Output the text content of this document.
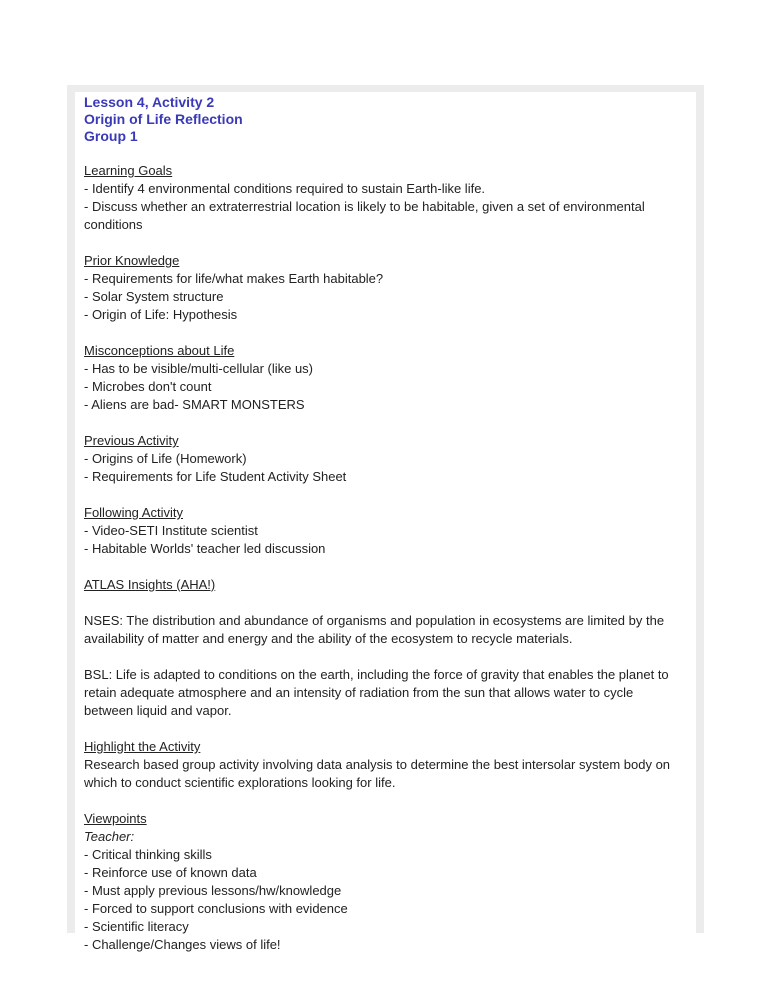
Lesson 4, Activity 2
Origin of Life Reflection
Group 1
Learning Goals
- Identify 4 environmental conditions required to sustain Earth-like life.
- Discuss whether an extraterrestrial location is likely to be habitable, given a set of environmental conditions
Prior Knowledge
- Requirements for life/what makes Earth habitable?
- Solar System structure
- Origin of Life: Hypothesis
Misconceptions about Life
- Has to be visible/multi-cellular (like us)
- Microbes don't count
- Aliens are bad- SMART MONSTERS
Previous Activity
- Origins of Life (Homework)
- Requirements for Life Student Activity Sheet
Following Activity
- Video-SETI Institute scientist
- Habitable Worlds' teacher led discussion
ATLAS Insights (AHA!)
NSES: The distribution and abundance of organisms and population in ecosystems are limited by the availability of matter and energy and the ability of the ecosystem to recycle materials.
BSL: Life is adapted to conditions on the earth, including the force of gravity that enables the planet to retain adequate atmosphere and an intensity of radiation from the sun that allows water to cycle between liquid and vapor.
Highlight the Activity
Research based group activity involving data analysis to determine the best intersolar system body on which to conduct scientific explorations looking for life.
Viewpoints
Teacher:
- Critical thinking skills
- Reinforce use of known data
- Must apply previous lessons/hw/knowledge
- Forced to support conclusions with evidence
- Scientific literacy
- Challenge/Changes views of life!
